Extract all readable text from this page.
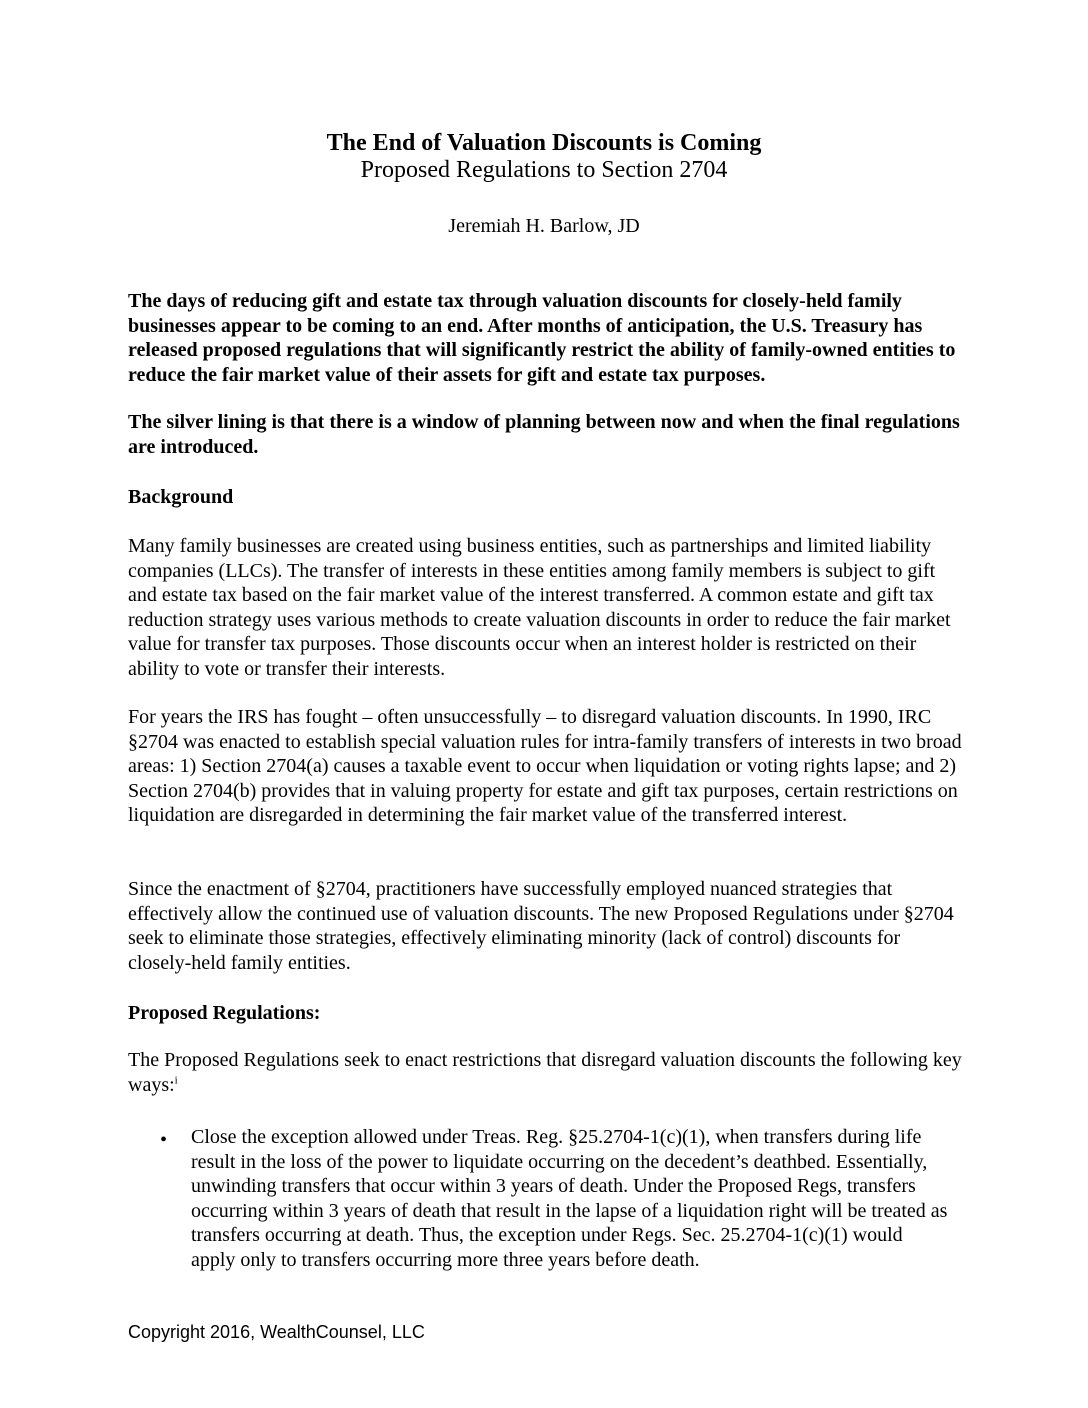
The End of Valuation Discounts is Coming
Proposed Regulations to Section 2704
Jeremiah H. Barlow, JD

The days of reducing gift and estate tax through valuation discounts for closely-held family businesses appear to be coming to an end. After months of anticipation, the U.S. Treasury has released proposed regulations that will significantly restrict the ability of family-owned entities to reduce the fair market value of their assets for gift and estate tax purposes.

The silver lining is that there is a window of planning between now and when the final regulations are introduced.

Background

Many family businesses are created using business entities, such as partnerships and limited liability companies (LLCs). The transfer of interests in these entities among family members is subject to gift and estate tax based on the fair market value of the interest transferred. A common estate and gift tax reduction strategy uses various methods to create valuation discounts in order to reduce the fair market value for transfer tax purposes. Those discounts occur when an interest holder is restricted on their ability to vote or transfer their interests.

For years the IRS has fought – often unsuccessfully – to disregard valuation discounts. In 1990, IRC §2704 was enacted to establish special valuation rules for intra-family transfers of interests in two broad areas: 1) Section 2704(a) causes a taxable event to occur when liquidation or voting rights lapse; and 2) Section 2704(b) provides that in valuing property for estate and gift tax purposes, certain restrictions on liquidation are disregarded in determining the fair market value of the transferred interest.

Since the enactment of §2704, practitioners have successfully employed nuanced strategies that effectively allow the continued use of valuation discounts. The new Proposed Regulations under §2704 seek to eliminate those strategies, effectively eliminating minority (lack of control) discounts for closely-held family entities.

Proposed Regulations:

The Proposed Regulations seek to enact restrictions that disregard valuation discounts the following key ways:$^i$

• Close the exception allowed under Treas. Reg. §25.2704-1(c)(1), when transfers during life result in the loss of the power to liquidate occurring on the decedent’s deathbed. Essentially, unwinding transfers that occur within 3 years of death. Under the Proposed Regs, transfers occurring within 3 years of death that result in the lapse of a liquidation right will be treated as transfers occurring at death. Thus, the exception under Regs. Sec. 25.2704-1(c)(1) would apply only to transfers occurring more three years before death.

Copyright 2016, WealthCounsel, LLC
